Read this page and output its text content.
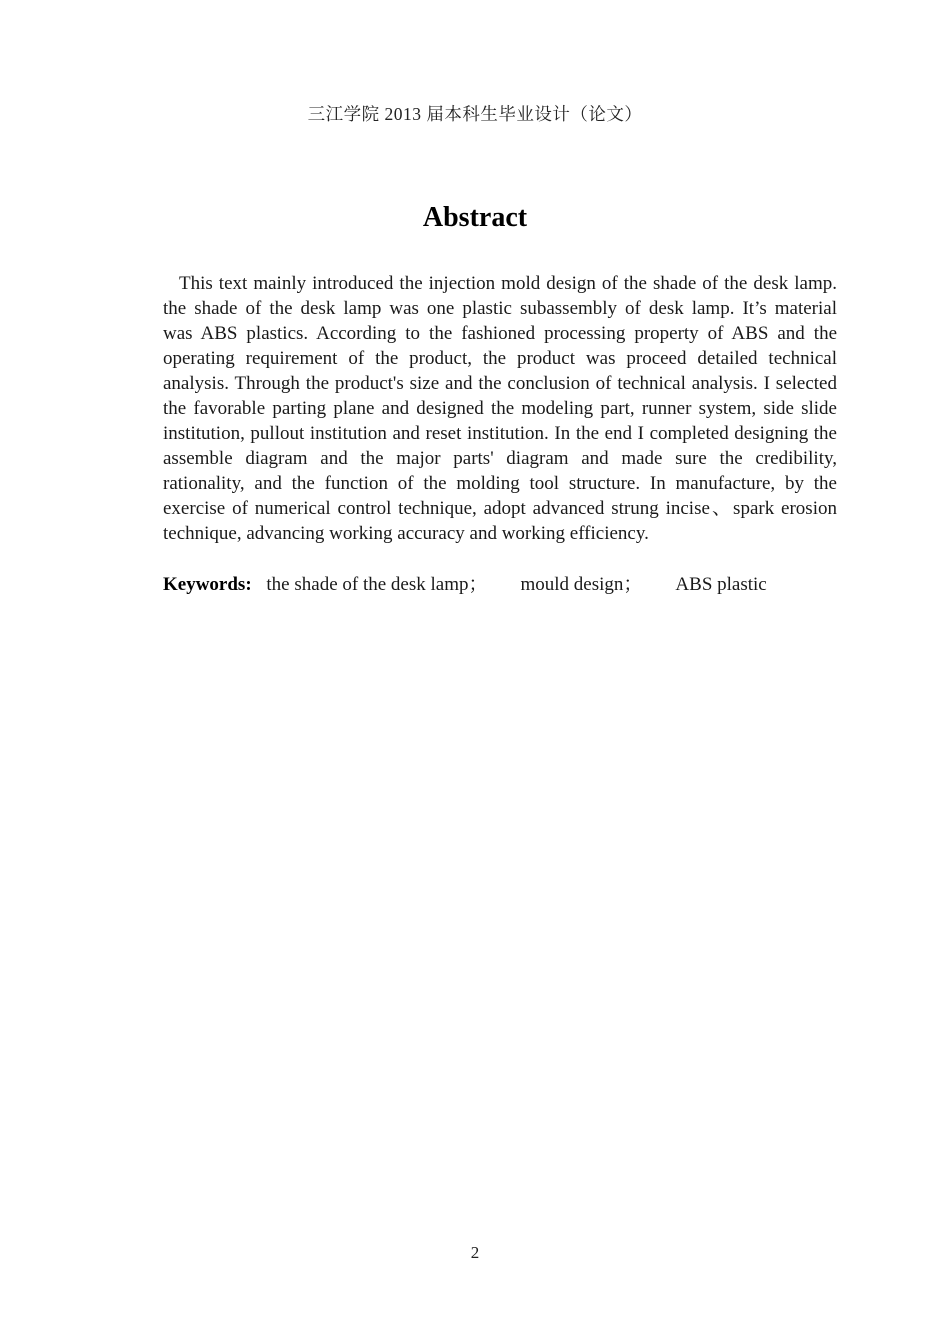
三江学院 2013 届本科生毕业设计（论文）
Abstract
This text mainly introduced the injection mold design of the shade of the desk lamp.
the shade of the desk lamp was one plastic subassembly of desk lamp. It’s material
was ABS plastics. According to the fashioned processing property of ABS and the
operating requirement of the product, the product was proceed detailed technical
analysis. Through the product's size and the conclusion of technical analysis. I selected
the favorable parting plane and designed the modeling part, runner system, side slide
institution, pullout institution and reset institution. In the end I completed designing the
assemble diagram and the major parts' diagram and made sure the credibility,
rationality, and the function of the molding tool structure. In manufacture, by the
exercise of numerical control technique, adopt advanced strung incise、spark erosion
technique, advancing working accuracy and working efficiency.
Keywords: the shade of the desk lamp； mould design； ABS plastic
2
